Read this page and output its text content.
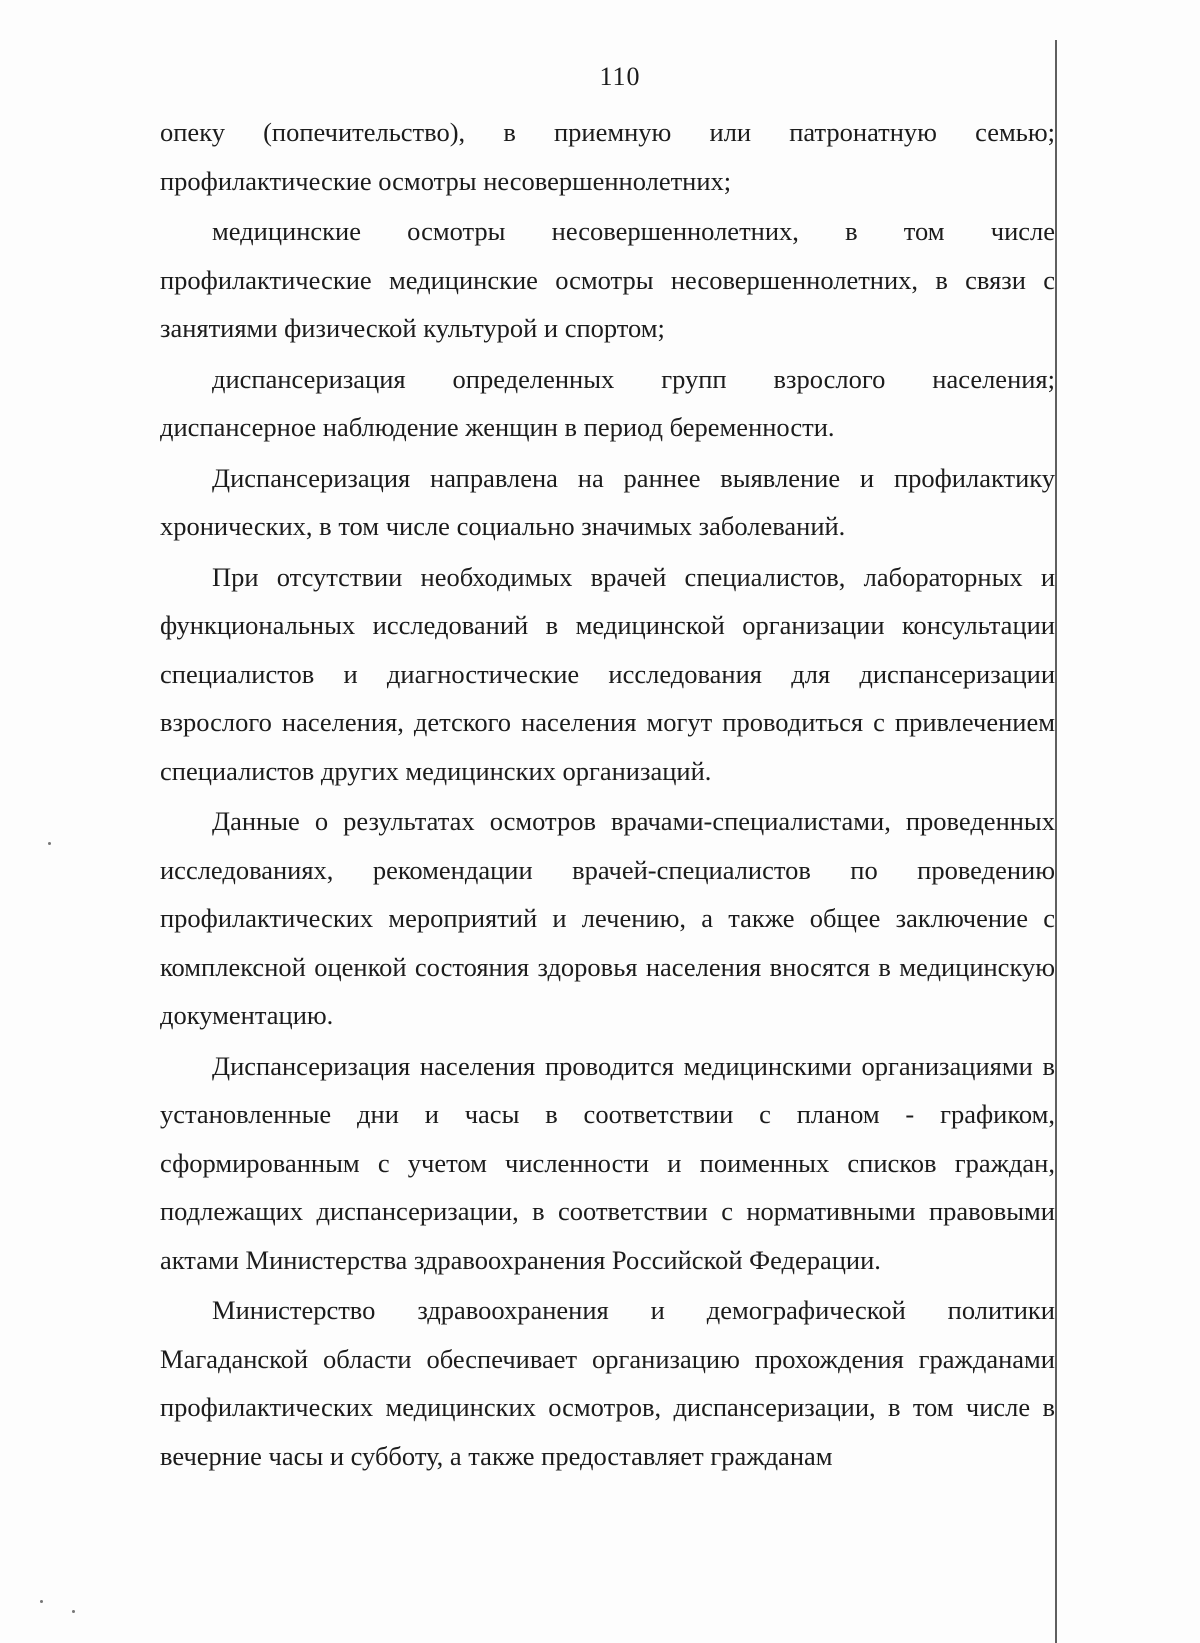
110

опеку (попечительство), в приемную или патронатную семью; профилактические осмотры несовершеннолетних;

медицинские осмотры несовершеннолетних, в том числе профилактические медицинские осмотры несовершеннолетних, в связи с занятиями физической культурой и спортом;

диспансеризация определенных групп взрослого населения; диспансерное наблюдение женщин в период беременности.

Диспансеризация направлена на раннее выявление и профилактику хронических, в том числе социально значимых заболеваний.

При отсутствии необходимых врачей специалистов, лабораторных и функциональных исследований в медицинской организации консультации специалистов и диагностические исследования для диспансеризации взрослого населения, детского населения могут проводиться с привлечением специалистов других медицинских организаций.

Данные о результатах осмотров врачами-специалистами, проведенных исследованиях, рекомендации врачей-специалистов по проведению профилактических мероприятий и лечению, а также общее заключение с комплексной оценкой состояния здоровья населения вносятся в медицинскую документацию.

Диспансеризация населения проводится медицинскими организациями в установленные дни и часы в соответствии с планом - графиком, сформированным с учетом численности и поименных списков граждан, подлежащих диспансеризации, в соответствии с нормативными правовыми актами Министерства здравоохранения Российской Федерации.

Министерство здравоохранения и демографической политики Магаданской области обеспечивает организацию прохождения гражданами профилактических медицинских осмотров, диспансеризации, в том числе в вечерние часы и субботу, а также предоставляет гражданам
